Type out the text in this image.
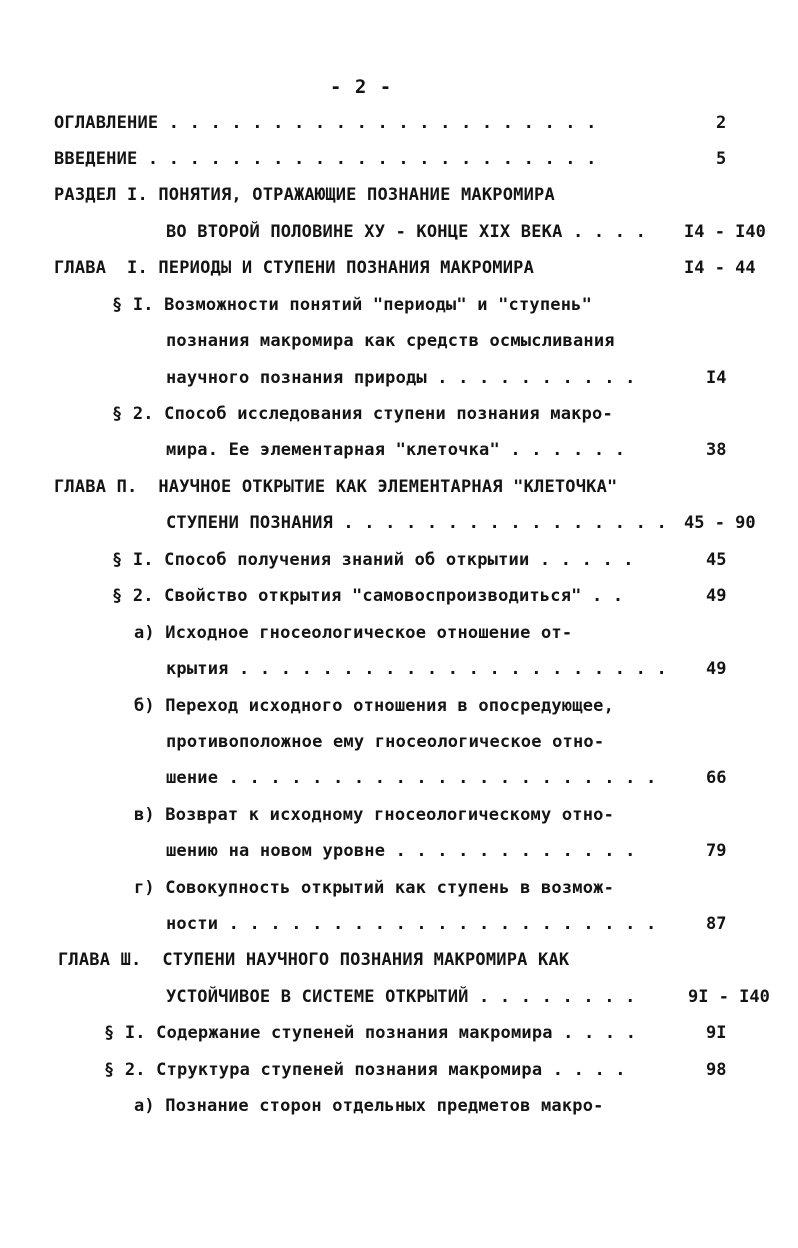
- 2 -
ОГЛАВЛЕНИЕ . . . . . . . . . . . . . . . . . . . . .	2
ВВЕДЕНИЕ . . . . . . . . . . . . . . . . . . . . . .	5
РАЗДЕЛ I. ПОНЯТИЯ, ОТРАЖАЮЩИЕ ПОЗНАНИЕ МАКРОМИРА
ВО ВТОРОЙ ПОЛОВИНЕ ХУ - КОНЦЕ XIX ВЕКА . . . . I4 - I40
ГЛАВА  I. ПЕРИОДЫ И СТУПЕНИ ПОЗНАНИЯ МАКРОМИРА	I4 - 44
§ I. Возможности понятий "периоды" и "ступень"
познания макромира как средств осмысливания
научного познания природы . . . . . . . . . .	I4
§ 2. Способ исследования ступени познания макро-
мира. Ее элементарная "клеточка" . . . . . .	38
ГЛАВА П.  НАУЧНОЕ ОТКРЫТИЕ КАК ЭЛЕМЕНТАРНАЯ "КЛЕТОЧКА"
СТУПЕНИ ПОЗНАНИЯ . . . . . . . . . . . . . . . . 45 - 90
§ I. Способ получения знаний об открытии . . . . .	45
§ 2. Свойство открытия "самовоспроизводиться" . .	49
а) Исходное гносеологическое отношение от-
крытия . . . . . . . . . . . . . . . . . . . . . 49
б) Переход исходного отношения в опосредующее,
противоположное ему гносеологическое отно-
шение . . . . . . . . . . . . . . . . . . . . .	66
в) Возврат к исходному гносеологическому отно-
шению на новом уровне . . . . . . . . . . . .	79
г) Совокупность открытий как ступень в возмож-
ности . . . . . . . . . . . . . . . . . . . . .	87
ГЛАВА Ш.  СТУПЕНИ НАУЧНОГО ПОЗНАНИЯ МАКРОМИРА КАК
УСТОЙЧИВОЕ В СИСТЕМЕ ОТКРЫТИЙ . . . . . . . .	9I - I40
§ I. Содержание ступеней познания макромира . . . .	9I
§ 2. Структура ступеней познания макромира . . . .	98
а) Познание сторон отдельных предметов макро-
